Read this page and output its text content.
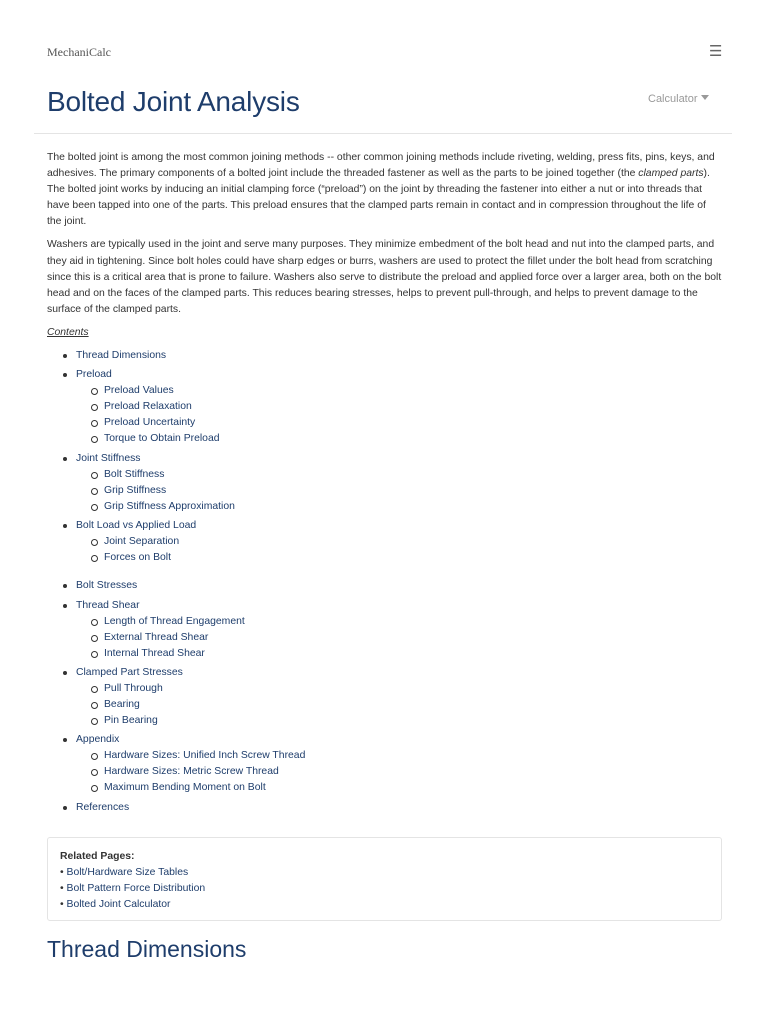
MechaniCalc	☰
Bolted Joint Analysis	Calculator

The bolted joint is among the most common joining methods -- other common joining methods include riveting, welding, press fits, pins, keys, and adhesives. The primary components of a bolted joint include the threaded fastener as well as the parts to be joined together (the clamped parts). The bolted joint works by inducing an initial clamping force (“preload”) on the joint by threading the fastener into either a nut or into threads that have been tapped into one of the parts. This preload ensures that the clamped parts remain in contact and in compression throughout the life of the joint.

Washers are typically used in the joint and serve many purposes. They minimize embedment of the bolt head and nut into the clamped parts, and they aid in tightening. Since bolt holes could have sharp edges or burrs, washers are used to protect the fillet under the bolt head from scratching since this is a critical area that is prone to failure. Washers also serve to distribute the preload and applied force over a larger area, both on the bolt head and on the faces of the clamped parts. This reduces bearing stresses, helps to prevent pull-through, and helps to prevent damage to the surface of the clamped parts.

Contents
Thread Dimensions
Preload
Preload Values
Preload Relaxation
Preload Uncertainty
Torque to Obtain Preload
Joint Stiffness
Bolt Stiffness
Grip Stiffness
Grip Stiffness Approximation
Bolt Load vs Applied Load
Joint Separation
Forces on Bolt
Bolt Stresses
Thread Shear
Length of Thread Engagement
External Thread Shear
Internal Thread Shear
Clamped Part Stresses
Pull Through
Bearing
Pin Bearing
Appendix
Hardware Sizes: Unified Inch Screw Thread
Hardware Sizes: Metric Screw Thread
Maximum Bending Moment on Bolt
References
Related Pages:
• Bolt/Hardware Size Tables
• Bolt Pattern Force Distribution
• Bolted Joint Calculator
Thread Dimensions
